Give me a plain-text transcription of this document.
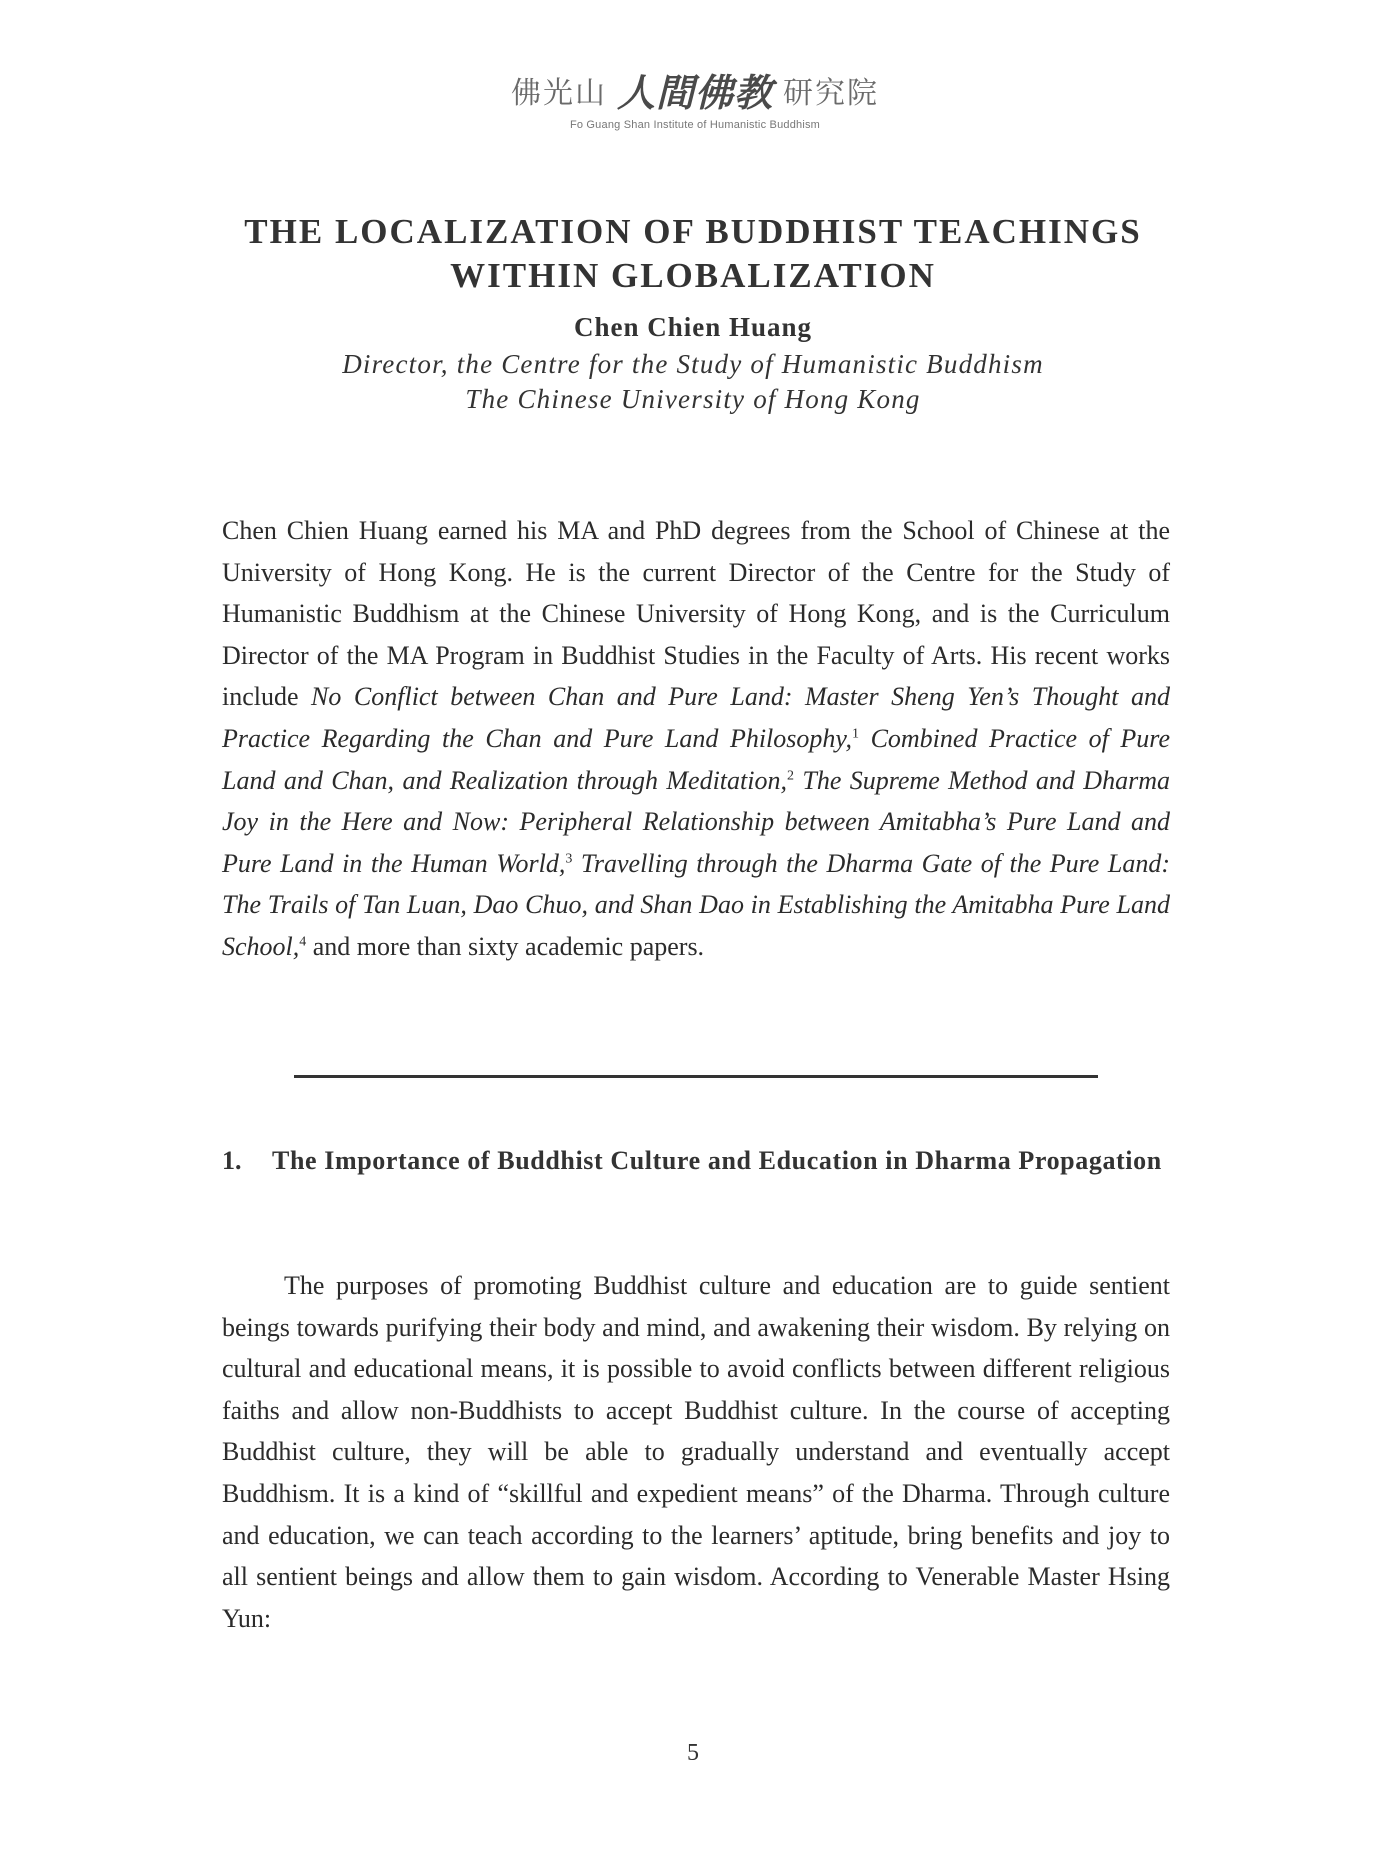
佛光山 人間佛教 研究院
Fo Guang Shan Institute of Humanistic Buddhism
THE LOCALIZATION OF BUDDHIST TEACHINGS
WITHIN GLOBALIZATION
Chen Chien Huang
Director, the Centre for the Study of Humanistic Buddhism
The Chinese University of Hong Kong

Chen Chien Huang earned his MA and PhD degrees from the School of Chinese at the University of Hong Kong. He is the current Director of the Centre for the Study of Humanistic Buddhism at the Chinese University of Hong Kong, and is the Curriculum Director of the MA Program in Buddhist Studies in the Faculty of Arts. His recent works include No Conflict between Chan and Pure Land: Master Sheng Yen’s Thought and Practice Regarding the Chan and Pure Land Philosophy,$^1$ Combined Practice of Pure Land and Chan, and Realization through Meditation,$^2$ The Supreme Method and Dharma Joy in the Here and Now: Peripheral Relationship between Amitabha’s Pure Land and Pure Land in the Human World,$^3$ Travelling through the Dharma Gate of the Pure Land: The Trails of Tan Luan, Dao Chuo, and Shan Dao in Establishing the Amitabha Pure Land School,$^4$ and more than sixty academic papers.

1.	The Importance of Buddhist Culture and Education in Dharma Propagation

The purposes of promoting Buddhist culture and education are to guide sentient beings towards purifying their body and mind, and awakening their wisdom. By relying on cultural and educational means, it is possible to avoid conflicts between different religious faiths and allow non-Buddhists to accept Buddhist culture. In the course of accepting Buddhist culture, they will be able to gradually understand and eventually accept Buddhism. It is a kind of “skillful and expedient means” of the Dharma. Through culture and education, we can teach according to the learners’ aptitude, bring benefits and joy to all sentient beings and allow them to gain wisdom. According to Venerable Master Hsing Yun:

5
